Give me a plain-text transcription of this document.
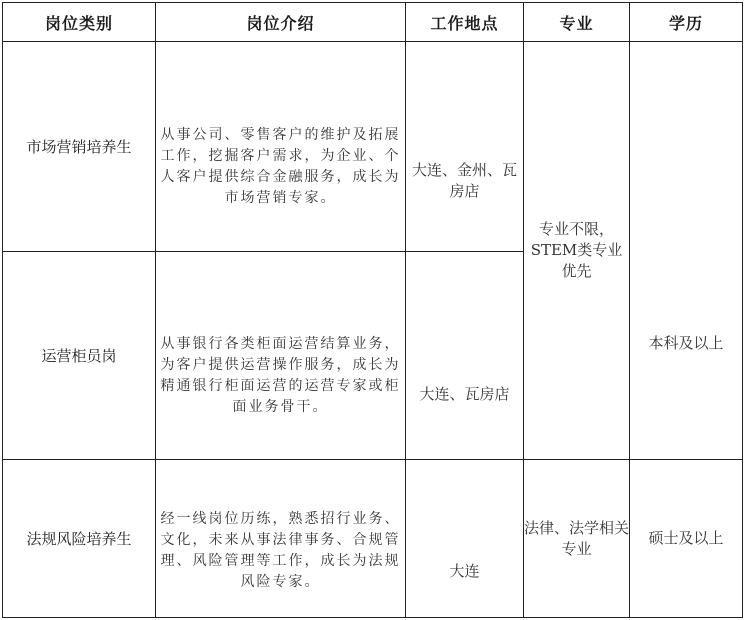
岗位类别	岗位介绍	工作地点	专业	学历
市场营销培养生	从事公司、零售客户的维护及拓展工作，挖掘客户需求，为企业、个人客户提供综合金融服务，成长为市场营销专家。	大连、金州、瓦房店	专业不限，STEM类专业优先	本科及以上

运营柜员岗	从事银行各类柜面运营结算业务，为客户提供运营操作服务，成长为精通银行柜面运营的运营专家或柜面业务骨干。	大连、瓦房店		

法规风险培养生	经一线岗位历练，熟悉招行业务、文化，未来从事法律事务、合规管理、风险管理等工作，成长为法规风险专家。	大连	法律、法学相关专业	硕士及以上
